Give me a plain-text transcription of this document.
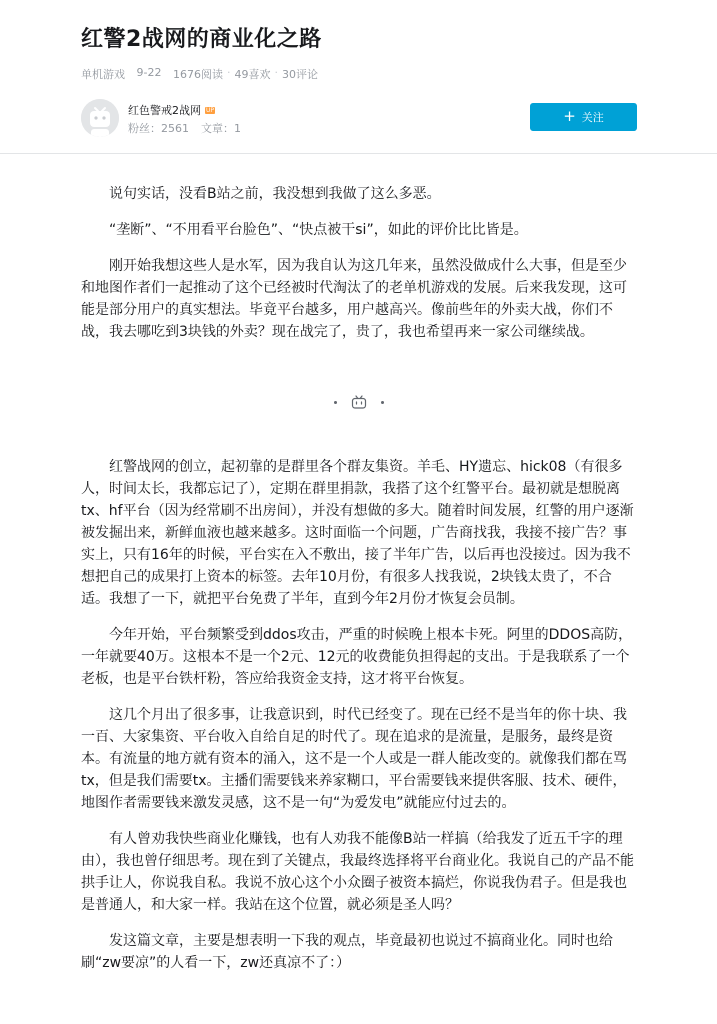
红警2战网的商业化之路
单机游戏
9-22
1676阅读 · 49喜欢 · 30评论
红色警戒2战网 UP
粉丝：2561 文章：1
+ 关注

说句实话，没看B站之前，我没想到我做了这么多恶。

“垄断”、“不用看平台脸色”、“快点被干si”，如此的评价比比皆是。

刚开始我想这些人是水军，因为我自认为这几年来，虽然没做成什么大事，但是至少和地图作者们一起推动了这个已经被时代淘汰了的老单机游戏的发展。后来我发现，这可能是部分用户的真实想法。毕竟平台越多，用户越高兴。像前些年的外卖大战，你们不战，我去哪吃到3块钱的外卖？现在战完了，贵了，我也希望再来一家公司继续战。

红警战网的创立，起初靠的是群里各个群友集资。羊毛、HY遗忘、hick08（有很多人，时间太长，我都忘记了），定期在群里捐款，我搭了这个红警平台。最初就是想脱离tx、hf平台（因为经常刷不出房间），并没有想做的多大。随着时间发展，红警的用户逐渐被发掘出来，新鲜血液也越来越多。这时面临一个问题，广告商找我，我接不接广告？事实上，只有16年的时候，平台实在入不敷出，接了半年广告，以后再也没接过。因为我不想把自己的成果打上资本的标签。去年10月份，有很多人找我说，2块钱太贵了，不合适。我想了一下，就把平台免费了半年，直到今年2月份才恢复会员制。

今年开始，平台频繁受到ddos攻击，严重的时候晚上根本卡死。阿里的DDOS高防，一年就要40万。这根本不是一个2元、12元的收费能负担得起的支出。于是我联系了一个老板，也是平台铁杆粉，答应给我资金支持，这才将平台恢复。

这几个月出了很多事，让我意识到，时代已经变了。现在已经不是当年的你十块、我一百、大家集资、平台收入自给自足的时代了。现在追求的是流量，是服务，最终是资本。有流量的地方就有资本的涌入，这不是一个人或是一群人能改变的。就像我们都在骂tx，但是我们需要tx。主播们需要钱来养家糊口，平台需要钱来提供客服、技术、硬件，地图作者需要钱来激发灵感，这不是一句“为爱发电”就能应付过去的。

有人曾劝我快些商业化赚钱，也有人劝我不能像B站一样搞（给我发了近五千字的理由），我也曾仔细思考。现在到了关键点，我最终选择将平台商业化。我说自己的产品不能拱手让人，你说我自私。我说不放心这个小众圈子被资本搞烂，你说我伪君子。但是我也是普通人，和大家一样。我站在这个位置，就必须是圣人吗？

发这篇文章，主要是想表明一下我的观点，毕竟最初也说过不搞商业化。同时也给刷“zw要凉”的人看一下，zw还真凉不了：）
